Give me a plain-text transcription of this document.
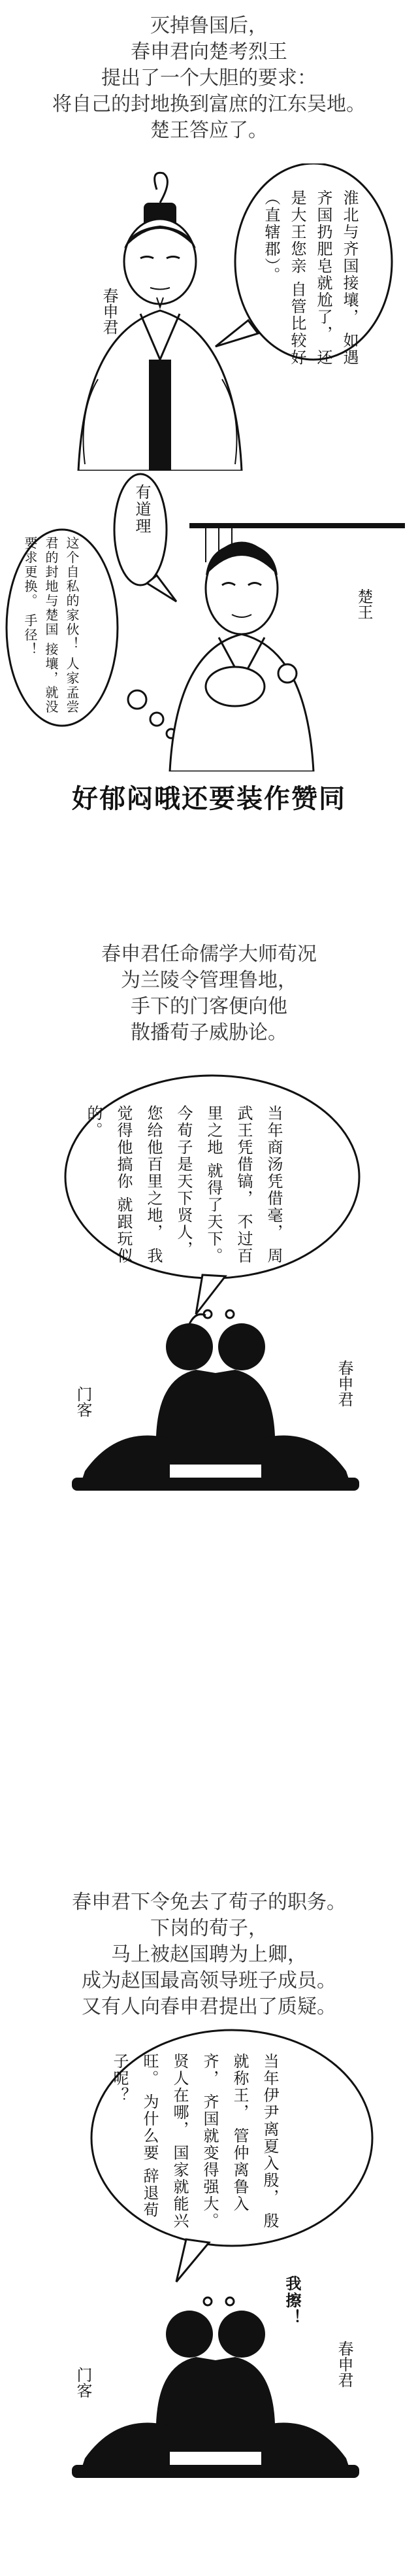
灭掉鲁国后，

春申君向楚考烈王

提出了一个大胆的要求：

将自己的封地换到富庶的江东吴地。

楚王答应了。

春申君	淮北与齐国接壤， 如遇齐国扔肥皂就尬了， 还是大王您亲 自管比较好（直辖郡）。
有道理
这个自私的家伙！ 人家孟尝君的封地与楚国 接壤，就没要求更换。 手径！
楚王
好郁闷哦还要装作赞同

春申君任命儒学大师荀况

为兰陵令管理鲁地，

手下的门客便向他

散播荀子威胁论。

当年商汤凭借毫， 周武王凭借镐， 不过百里之地 就得了天下。 今荀子是天下贤人， 您给他百里之地， 我觉得他搞你 就跟玩似的。
门客	春申君

春申君下令免去了荀子的职务。

下岗的荀子，

马上被赵国聘为上卿，

成为赵国最高领导班子成员。

又有人向春申君提出了质疑。

当年伊尹离夏入殷， 殷就称王， 管仲离鲁入齐， 齐国就变得强大。 贤人在哪， 国家就能兴旺。 为什么要 辞退荀子呢？
我擦！
门客	春申君
